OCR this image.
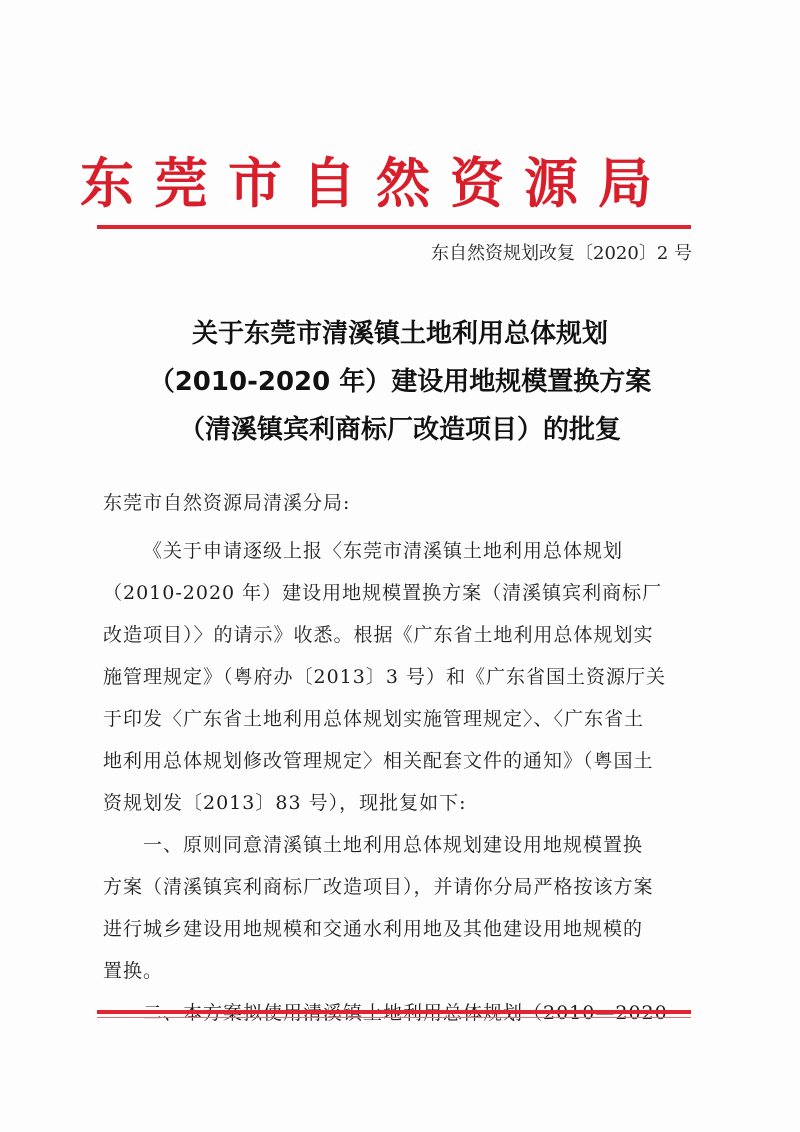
东莞市自然资源局
东自然资规划改复〔2020〕2 号
关于东莞市清溪镇土地利用总体规划
（2010-2020 年）建设用地规模置换方案
（清溪镇宾利商标厂改造项目）的批复
东莞市自然资源局清溪分局:
《关于申请逐级上报〈东莞市清溪镇土地利用总体规划
（2010-2020 年）建设用地规模置换方案（清溪镇宾利商标厂
改造项目）〉的请示》收悉。根据《广东省土地利用总体规划实
施管理规定》（粤府办〔2013〕3 号）和《广东省国土资源厅关
于印发〈广东省土地利用总体规划实施管理规定〉、〈广东省土
地利用总体规划修改管理规定〉相关配套文件的通知》（粤国土
资规划发〔2013〕83 号），现批复如下:
一、原则同意清溪镇土地利用总体规划建设用地规模置换
方案（清溪镇宾利商标厂改造项目），并请你分局严格按该方案
进行城乡建设用地规模和交通水利用地及其他建设用地规模的
置换。
